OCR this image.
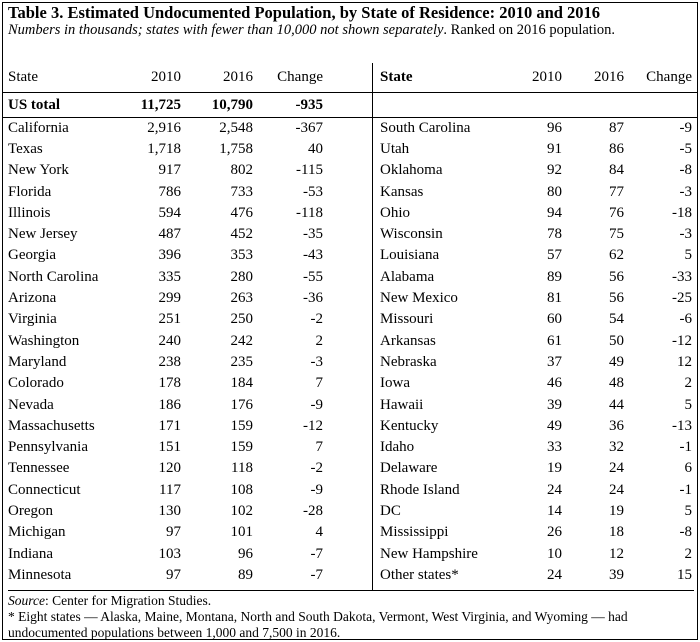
Table 3. Estimated Undocumented Population, by State of Residence: 2010 and 2016
Numbers in thousands; states with fewer than 10,000 not shown separately. Ranked on 2016 population.
State	2010	2016	Change		State	2010	2016	Change
US total	11,725	10,790	-935					
California	2,916	2,548	-367		South Carolina	96	87	-9
Texas	1,718	1,758	40		Utah	91	86	-5
New York	917	802	-115		Oklahoma	92	84	-8
Florida	786	733	-53		Kansas	80	77	-3
Illinois	594	476	-118		Ohio	94	76	-18
New Jersey	487	452	-35		Wisconsin	78	75	-3
Georgia	396	353	-43		Louisiana	57	62	5
North Carolina	335	280	-55		Alabama	89	56	-33
Arizona	299	263	-36		New Mexico	81	56	-25
Virginia	251	250	-2		Missouri	60	54	-6
Washington	240	242	2		Arkansas	61	50	-12
Maryland	238	235	-3		Nebraska	37	49	12
Colorado	178	184	7		Iowa	46	48	2
Nevada	186	176	-9		Hawaii	39	44	5
Massachusetts	171	159	-12		Kentucky	49	36	-13
Pennsylvania	151	159	7		Idaho	33	32	-1
Tennessee	120	118	-2		Delaware	19	24	6
Connecticut	117	108	-9		Rhode Island	24	24	-1
Oregon	130	102	-28		DC	14	19	5
Michigan	97	101	4		Mississippi	26	18	-8
Indiana	103	96	-7		New Hampshire	10	12	2
Minnesota	97	89	-7		Other states*	24	39	15
Source: Center for Migration Studies.
* Eight states — Alaska, Maine, Montana, North and South Dakota, Vermont, West Virginia, and Wyoming — had undocumented populations between 1,000 and 7,500 in 2016.
